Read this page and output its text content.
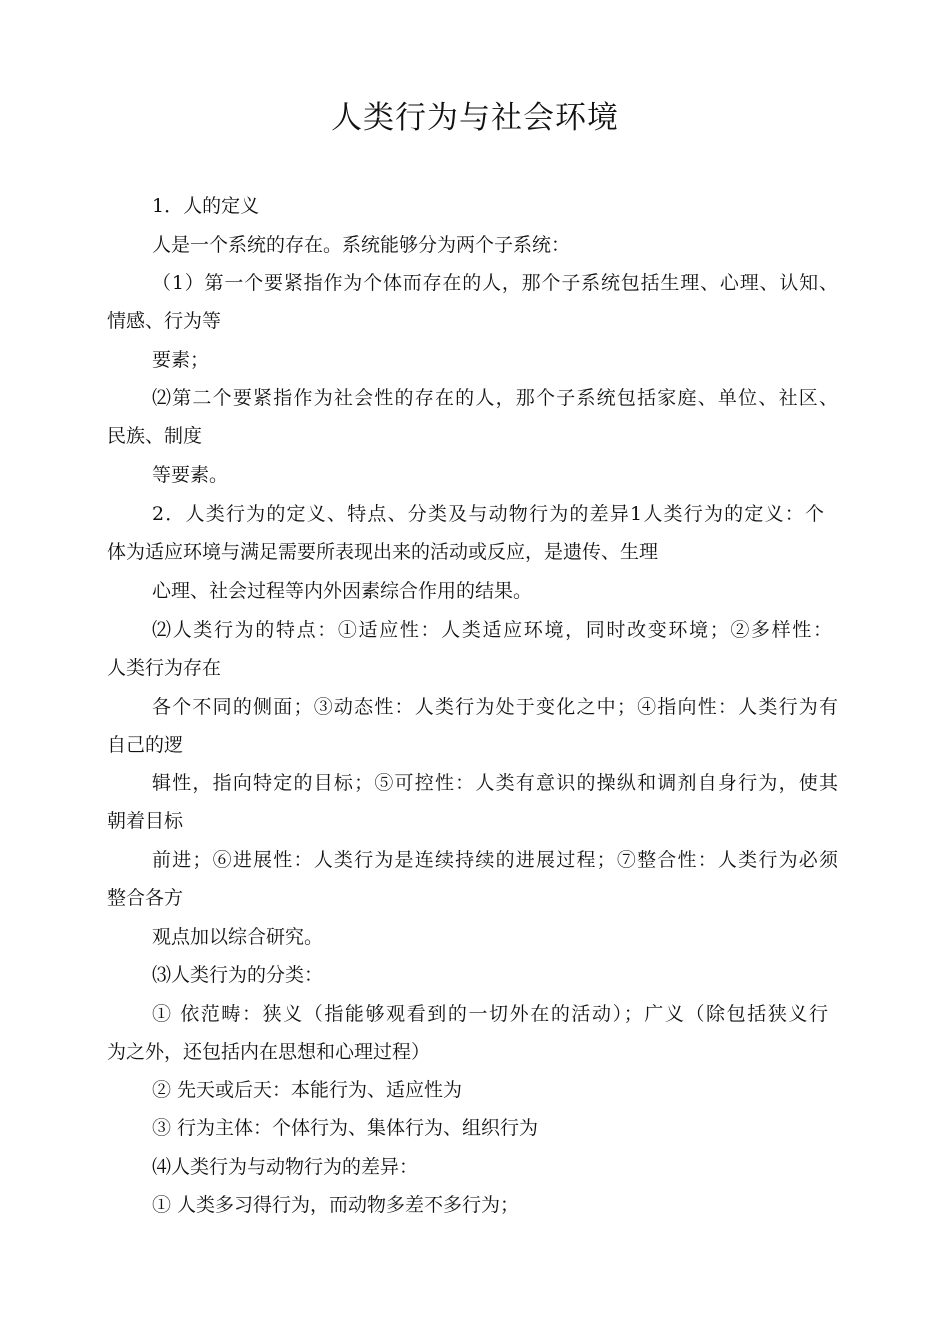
人类行为与社会环境
1．人的定义
人是一个系统的存在。系统能够分为两个子系统：
（1）第一个要紧指作为个体而存在的人，那个子系统包括生理、心理、认知、
情感、行为等
要素；
⑵第二个要紧指作为社会性的存在的人，那个子系统包括家庭、单位、社区、
民族、制度
等要素。
2．人类行为的定义、特点、分类及与动物行为的差异1人类行为的定义：个
体为适应环境与满足需要所表现出来的活动或反应，是遗传、生理
心理、社会过程等内外因素综合作用的结果。
⑵人类行为的特点：①适应性：人类适应环境，同时改变环境；②多样性：
人类行为存在
各个不同的侧面；③动态性：人类行为处于变化之中；④指向性：人类行为有
自己的逻
辑性，指向特定的目标；⑤可控性：人类有意识的操纵和调剂自身行为，使其
朝着目标
前进；⑥进展性：人类行为是连续持续的进展过程；⑦整合性：人类行为必须
整合各方
观点加以综合研究。
⑶人类行为的分类：
① 依范畴：狭义（指能够观看到的一切外在的活动）；广义（除包括狭义行
为之外，还包括内在思想和心理过程）
② 先天或后天：本能行为、适应性为
③ 行为主体：个体行为、集体行为、组织行为
⑷人类行为与动物行为的差异：
① 人类多习得行为，而动物多差不多行为；
